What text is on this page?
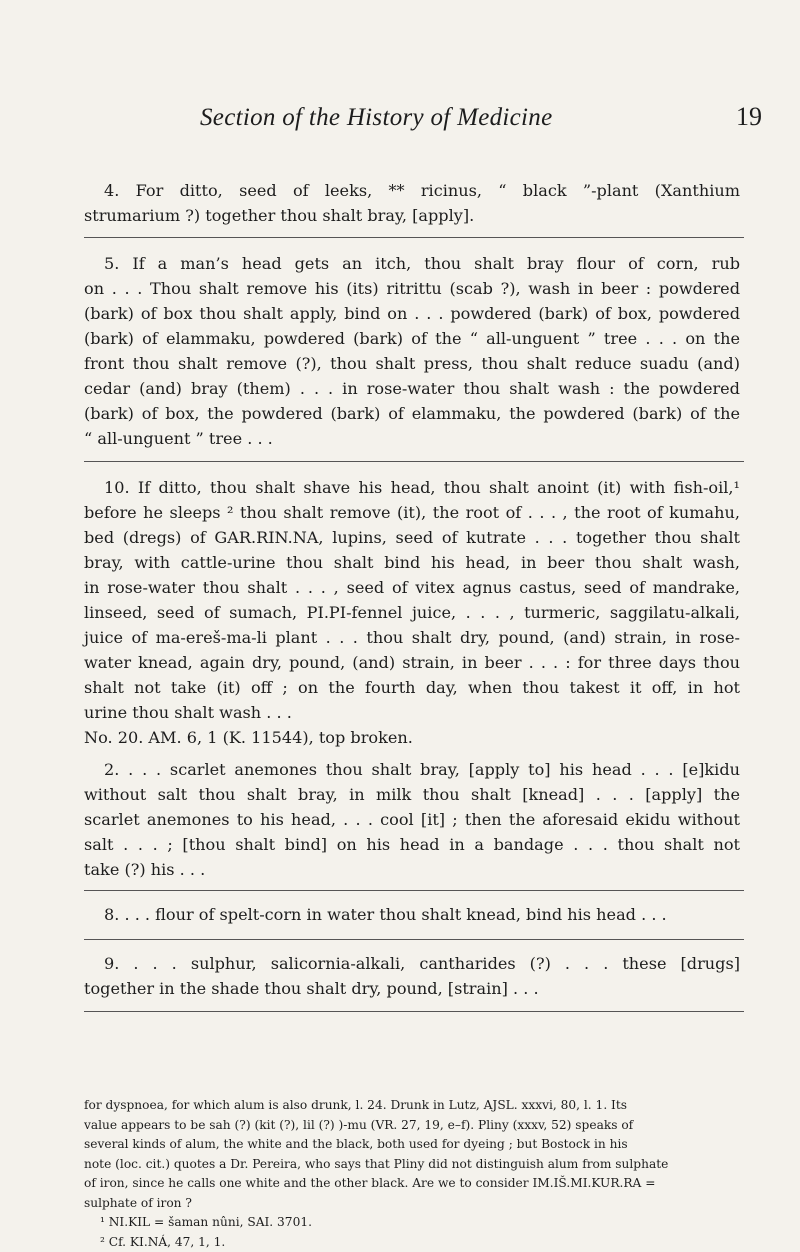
Section of the History of Medicine	19
4. For ditto, seed of leeks, ** ricinus, “ black ”-plant (Xanthium
strumarium ?) together thou shalt bray, [apply].
5. If a man’s head gets an itch, thou shalt bray flour of corn, rub
on . . . Thou shalt remove his (its) ritrittu (scab ?), wash in beer : powdered
(bark) of box thou shalt apply, bind on . . . powdered (bark) of box, powdered
(bark) of elammaku, powdered (bark) of the “ all-unguent ” tree . . . on the
front thou shalt remove (?), thou shalt press, thou shalt reduce suadu (and)
cedar (and) bray (them) . . . in rose-water thou shalt wash : the powdered
(bark) of box, the powdered (bark) of elammaku, the powdered (bark) of the
“ all-unguent ” tree . . .
10. If ditto, thou shalt shave his head, thou shalt anoint (it) with fish-oil,¹
before he sleeps ² thou shalt remove (it), the root of . . . , the root of kumahu,
bed (dregs) of GAR.RIN.NA, lupins, seed of kutrate . . . together thou shalt
bray, with cattle-urine thou shalt bind his head, in beer thou shalt wash,
in rose-water thou shalt . . . , seed of vitex agnus castus, seed of mandrake,
linseed, seed of sumach, PI.PI-fennel juice, . . . , turmeric, saggilatu-alkali,
juice of ma-ereš-ma-li plant . . . thou shalt dry, pound, (and) strain, in rose-
water knead, again dry, pound, (and) strain, in beer . . . : for three days thou
shalt not take (it) off ; on the fourth day, when thou takest it off, in hot
urine thou shalt wash . . .
No. 20. AM. 6, 1 (K. 11544), top broken.
2. . . . scarlet anemones thou shalt bray, [apply to] his head . . . [e]kidu
without salt thou shalt bray, in milk thou shalt [knead] . . . [apply] the
scarlet anemones to his head, . . . cool [it] ; then the aforesaid ekidu without
salt . . . ; [thou shalt bind] on his head in a bandage . . . thou shalt not
take (?) his . . .
8. . . . flour of spelt-corn in water thou shalt knead, bind his head . . .
9. . . . sulphur, salicornia-alkali, cantharides (?) . . . these [drugs]
together in the shade thou shalt dry, pound, [strain] . . .
for dyspnoea, for which alum is also drunk, l. 24. Drunk in Lutz, AJSL. xxxvi, 80, l. 1. Its
value appears to be sah (?) (kit (?), lil (?) )-mu (VR. 27, 19, e–f). Pliny (xxxv, 52) speaks of
several kinds of alum, the white and the black, both used for dyeing ; but Bostock in his
note (loc. cit.) quotes a Dr. Pereira, who says that Pliny did not distinguish alum from sulphate
of iron, since he calls one white and the other black. Are we to consider IM.IŠ.MI.KUR.RA =
sulphate of iron ?
¹ NI.KIL = šaman nûni, SAI. 3701.
² Cf. KI.NÁ, 47, 1, 1.
